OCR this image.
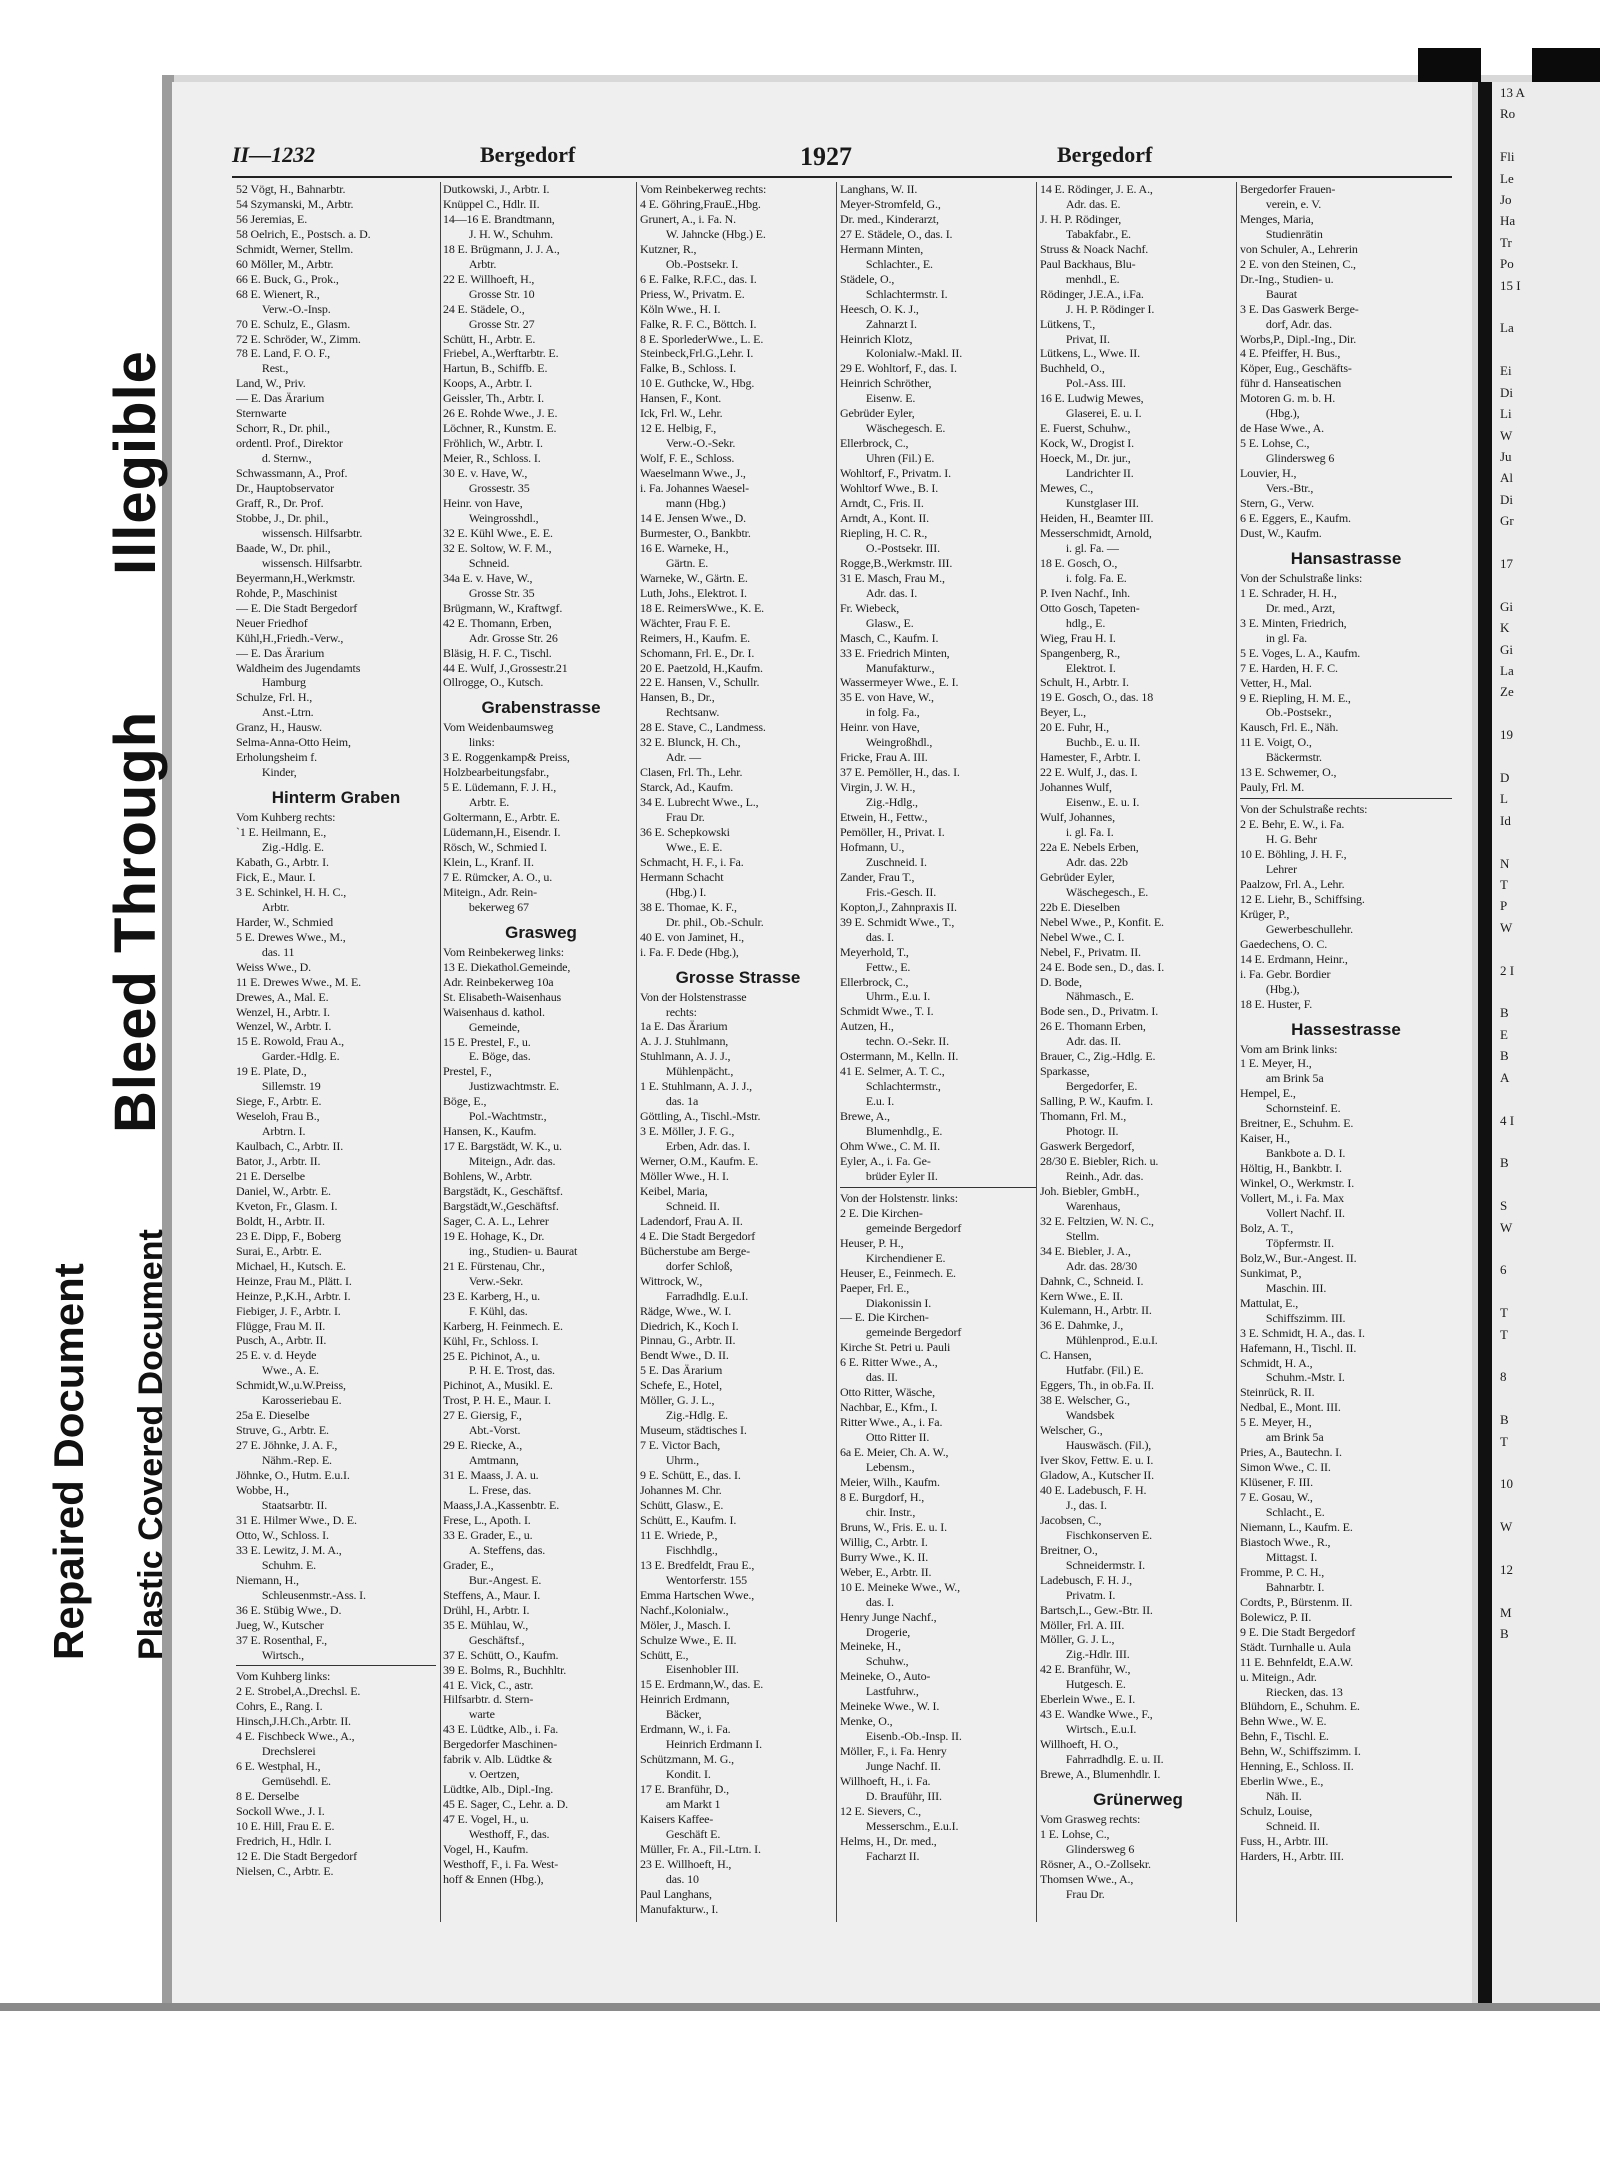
13 A
Ro

Fli
Le
Jo
Ha
Tr
Po
15 I

La

Ei
Di
Li
W
Ju
Al
Di
Gr

17

Gi
K
Gi
La
Ze

19

D
L
Id

N
T
P
W

2 I

B
E
B
A

4 I

B

S
W

6

T
T

8

B
T

10

W

12

M
B

Bleed Through
Illegible
Repaired Document Plastic Covered Document
II—1232	Bergedorf	1927	Bergedorf
52 Vögt, H., Bahnarbtr.
54 Szymanski, M., Arbtr.
56 Jeremias, E.
58 Oelrich, E., Postsch. a. D.
Schmidt, Werner, Stellm.
60 Möller, M., Arbtr.
66 E. Buck, G., Prok.,
68 E. Wienert, R.,
 Verw.-O.-Insp.
70 E. Schulz, E., Glasm.
72 E. Schröder, W., Zimm.
78 E. Land, F. O. F.,
 Rest.,
Land, W., Priv.
— E. Das Ärarium
Sternwarte
Schorr, R., Dr. phil.,
ordentl. Prof., Direktor
 d. Sternw.,
Schwassmann, A., Prof.
Dr., Hauptobservator
Graff, R., Dr. Prof.
Stobbe, J., Dr. phil.,
 wissensch. Hilfsarbtr.
Baade, W., Dr. phil.,
 wissensch. Hilfsarbtr.
Beyermann,H.,Werkmstr.
Rohde, P., Maschinist
— E. Die Stadt Bergedorf
Neuer Friedhof
Kühl,H.,Friedh.-Verw.,
— E. Das Ärarium
Waldheim des Jugendamts
 Hamburg
Schulze, Frl. H.,
 Anst.-Ltrn.
Granz, H., Hausw.
Selma-Anna-Otto Heim,
Erholungsheim f.
 Kinder,
Hinterm Graben
Vom Kuhberg rechts:
`1 E. Heilmann, E.,
 Zig.-Hdlg. E.
Kabath, G., Arbtr. I.
Fick, E., Maur. I.
3 E. Schinkel, H. H. C.,
 Arbtr.
Harder, W., Schmied
5 E. Drewes Wwe., M.,
 das. 11
Weiss Wwe., D.
11 E. Drewes Wwe., M. E.
Drewes, A., Mal. E.
Wenzel, H., Arbtr. I.
Wenzel, W., Arbtr. I.
15 E. Rowold, Frau A.,
 Garder.-Hdlg. E.
19 E. Plate, D.,
 Sillemstr. 19
Siege, F., Arbtr. E.
Weseloh, Frau B.,
 Arbtrn. I.
Kaulbach, C., Arbtr. II.
Bator, J., Arbtr. II.
21 E. Derselbe
Daniel, W., Arbtr. E.
Kveton, Fr., Glasm. I.
Boldt, H., Arbtr. II.
23 E. Dipp, F., Boberg
Surai, E., Arbtr. E.
Michael, H., Kutsch. E.
Heinze, Frau M., Plätt. I.
Heinze, P.,K.H., Arbtr. I.
Fiebiger, J. F., Arbtr. I.
Flügge, Frau M. II.
Pusch, A., Arbtr. II.
25 E. v. d. Heyde
 Wwe., A. E.
Schmidt,W.,u.W.Preiss,
 Karosseriebau E.
25a E. Dieselbe
Struve, G., Arbtr. E.
27 E. Jöhnke, J. A. F.,
 Nähm.-Rep. E.
Jöhnke, O., Hutm. E.u.I.
Wobbe, H.,
 Staatsarbtr. II.
31 E. Hilmer Wwe., D. E.
Otto, W., Schloss. I.
33 E. Lewitz, J. M. A.,
 Schuhm. E.
Niemann, H.,
 Schleusenmstr.-Ass. I.
36 E. Stübig Wwe., D.
Jueg, W., Kutscher
37 E. Rosenthal, F.,
 Wirtsch.,
Vom Kuhberg links:
2 E. Strobel,A.,Drechsl. E.
Cohrs, E., Rang. I.
Hinsch,J.H.Ch.,Arbtr. II.
4 E. Fischbeck Wwe., A.,
 Drechslerei
6 E. Westphal, H.,
 Gemüsehdl. E.
8 E. Derselbe
Sockoll Wwe., J. I.
10 E. Hill, Frau E. E.
Fredrich, H., Hdlr. I.
12 E. Die Stadt Bergedorf
Nielsen, C., Arbtr. E.
Dutkowski, J., Arbtr. I.
Knüppel C., Hdlr. II.
14—16 E. Brandtmann,
 J. H. W., Schuhm.
18 E. Brügmann, J. J. A.,
 Arbtr.
22 E. Willhoeft, H.,
 Grosse Str. 10
24 E. Städele, O.,
 Grosse Str. 27
Schütt, H., Arbtr. E.
Friebel, A.,Werftarbtr. E.
Hartun, B., Schiffb. E.
Koops, A., Arbtr. I.
Geissler, Th., Arbtr. I.
26 E. Rohde Wwe., J. E.
Löchner, R., Kunstm. E.
Fröhlich, W., Arbtr. I.
Meier, R., Schloss. I.
30 E. v. Have, W.,
 Grossestr. 35
Heinr. von Have,
 Weingrosshdl.,
32 E. Kühl Wwe., E. E.
32 E. Soltow, W. F. M.,
 Schneid.
34a E. v. Have, W.,
 Grosse Str. 35
Brügmann, W., Kraftwgf.
42 E. Thomann, Erben,
 Adr. Grosse Str. 26
Bläsig, H. F. C., Tischl.
44 E. Wulf, J.,Grossestr.21
Ollrogge, O., Kutsch.
Grabenstrasse
Vom Weidenbaumsweg
 links:
3 E. Roggenkamp& Preiss,
Holzbearbeitungsfabr.,
5 E. Lüdemann, F. J. H.,
 Arbtr. E.
Goltermann, E., Arbtr. E.
Lüdemann,H., Eisendr. I.
Rösch, W., Schmied I.
Klein, L., Kranf. II.
7 E. Rümcker, A. O., u.
Miteign., Adr. Rein-
 bekerweg 67
Grasweg
Vom Reinbekerweg links:
13 E. Diekathol.Gemeinde,
Adr. Reinbekerweg 10a
St. Elisabeth-Waisenhaus
Waisenhaus d. kathol.
 Gemeinde,
15 E. Prestel, F., u.
 E. Böge, das.
Prestel, F.,
 Justizwachtmstr. E.
Böge, E.,
 Pol.-Wachtmstr.,
Hansen, K., Kaufm.
17 E. Bargstädt, W. K., u.
 Miteign., Adr. das.
Bohlens, W., Arbtr.
Bargstädt, K., Geschäftsf.
Bargstädt,W.,Geschäftsf.
Sager, C. A. L., Lehrer
19 E. Hohage, K., Dr.
 ing., Studien- u. Baurat
21 E. Fürstenau, Chr.,
 Verw.-Sekr.
23 E. Karberg, H., u.
 F. Kühl, das.
Karberg, H. Feinmech. E.
Kühl, Fr., Schloss. I.
25 E. Pichinot, A., u.
 P. H. E. Trost, das.
Pichinot, A., Musikl. E.
Trost, P. H. E., Maur. I.
27 E. Giersig, F.,
 Abt.-Vorst.
29 E. Riecke, A.,
 Amtmann,
31 E. Maass, J. A. u.
 L. Frese, das.
Maass,J.A.,Kassenbtr. E.
Frese, L., Apoth. I.
33 E. Grader, E., u.
 A. Steffens, das.
Grader, E.,
 Bur.-Angest. E.
Steffens, A., Maur. I.
Drühl, H., Arbtr. I.
35 E. Mühlau, W.,
 Geschäftsf.,
37 E. Schütt, O., Kaufm.
39 E. Bolms, R., Buchhltr.
41 E. Vick, C., astr.
Hilfsarbtr. d. Stern-
 warte
43 E. Lüdtke, Alb., i. Fa.
Bergedorfer Maschinen-
fabrik v. Alb. Lüdtke &
 v. Oertzen,
Lüdtke, Alb., Dipl.-Ing.
45 E. Sager, C., Lehr. a. D.
47 E. Vogel, H., u.
 Westhoff, F., das.
Vogel, H., Kaufm.
Westhoff, F., i. Fa. West-
hoff & Ennen (Hbg.),
Vom Reinbekerweg rechts:
4 E. Göhring,FrauE.,Hbg.
Grunert, A., i. Fa. N.
 W. Jahncke (Hbg.) E.
Kutzner, R.,
 Ob.-Postsekr. I.
6 E. Falke, R.F.C., das. I.
Priess, W., Privatm. E.
Köln Wwe., H. I.
Falke, R. F. C., Böttch. I.
8 E. SporlederWwe., L. E.
Steinbeck,Frl.G.,Lehr. I.
Falke, B., Schloss. I.
10 E. Guthcke, W., Hbg.
Hansen, F., Kont.
Ick, Frl. W., Lehr.
12 E. Helbig, F.,
 Verw.-O.-Sekr.
Wolf, F. E., Schloss.
Waeselmann Wwe., J.,
i. Fa. Johannes Waesel-
 mann (Hbg.)
14 E. Jensen Wwe., D.
Burmester, O., Bankbtr.
16 E. Warneke, H.,
 Gärtn. E.
Warneke, W., Gärtn. E.
Luth, Johs., Elektrot. I.
18 E. ReimersWwe., K. E.
Wächter, Frau F. E.
Reimers, H., Kaufm. E.
Schomann, Frl. E., Dr. I.
20 E. Paetzold, H.,Kaufm.
22 E. Hansen, V., Schullr.
Hansen, B., Dr.,
 Rechtsanw.
28 E. Stave, C., Landmess.
32 E. Blunck, H. Ch.,
 Adr. —
Clasen, Frl. Th., Lehr.
Starck, Ad., Kaufm.
34 E. Lubrecht Wwe., L.,
 Frau Dr.
36 E. Schepkowski
 Wwe., E. E.
Schmacht, H. F., i. Fa.
Hermann Schacht
 (Hbg.) I.
38 E. Thomae, K. F.,
 Dr. phil., Ob.-Schulr.
40 E. von Jaminet, H.,
i. Fa. F. Dede (Hbg.),
Grosse Strasse
Von der Holstenstrasse
 rechts:
1a E. Das Ärarium
A. J. J. Stuhlmann,
Stuhlmann, A. J. J.,
 Mühlenpächt.,
1 E. Stuhlmann, A. J. J.,
 das. 1a
Göttling, A., Tischl.-Mstr.
3 E. Möller, J. F. G.,
 Erben, Adr. das. I.
Werner, O.M., Kaufm. E.
Möller Wwe., H. I.
Keibel, Maria,
 Schneid. II.
Ladendorf, Frau A. II.
4 E. Die Stadt Bergedorf
Bücherstube am Berge-
 dorfer Schloß,
Wittrock, W.,
 Farradhdlg. E.u.I.
Rädge, Wwe., W. I.
Diedrich, K., Koch I.
Pinnau, G., Arbtr. II.
Bendt Wwe., D. II.
5 E. Das Ärarium
Schefe, E., Hotel,
Möller, G. J. L.,
 Zig.-Hdlg. E.
Museum, städtisches I.
7 E. Victor Bach,
 Uhrm.,
9 E. Schütt, E., das. I.
Johannes M. Chr.
Schütt, Glasw., E.
Schütt, E., Kaufm. I.
11 E. Wriede, P.,
 Fischhdlg.,
13 E. Bredfeldt, Frau E.,
 Wentorferstr. 155
Emma Hartschen Wwe.,
Nachf.,Kolonialw.,
Möler, J., Masch. I.
Schulze Wwe., E. II.
Schütt, E.,
 Eisenhobler III.
15 E. Erdmann,W., das. E.
Heinrich Erdmann,
 Bäcker,
Erdmann, W., i. Fa.
 Heinrich Erdmann I.
Schützmann, M. G.,
 Kondit. I.
17 E. Branführ, D.,
 am Markt 1
Kaisers Kaffee-
 Geschäft E.
Müller, Fr. A., Fil.-Ltrn. I.
23 E. Willhoeft, H.,
 das. 10
Paul Langhans,
Manufakturw., I.
Langhans, W. II.
Meyer-Stromfeld, G.,
Dr. med., Kinderarzt,
27 E. Städele, O., das. I.
Hermann Minten,
 Schlachter., E.
Städele, O.,
 Schlachtermstr. I.
Heesch, O. K. J.,
 Zahnarzt I.
Heinrich Klotz,
 Kolonialw.-Makl. II.
29 E. Wohltorf, F., das. I.
Heinrich Schröther,
 Eisenw. E.
Gebrüder Eyler,
 Wäschegesch. E.
Ellerbrock, C.,
 Uhren (Fil.) E.
Wohltorf, F., Privatm. I.
Wohltorf Wwe., B. I.
Arndt, C., Fris. II.
Arndt, A., Kont. II.
Riepling, H. C. R.,
 O.-Postsekr. III.
Rogge,B.,Werkmstr. III.
31 E. Masch, Frau M.,
 Adr. das. I.
Fr. Wiebeck,
 Glasw., E.
Masch, C., Kaufm. I.
33 E. Friedrich Minten,
 Manufakturw.,
Wassermeyer Wwe., E. I.
35 E. von Have, W.,
 in folg. Fa.,
Heinr. von Have,
 Weingroßhdl.,
Fricke, Frau A. III.
37 E. Pemöller, H., das. I.
Virgin, J. W. H.,
 Zig.-Hdlg.,
Etwein, H., Fettw.,
Pemöller, H., Privat. I.
Hofmann, U.,
 Zuschneid. I.
Zander, Frau T.,
 Fris.-Gesch. II.
Kopton,J., Zahnpraxis II.
39 E. Schmidt Wwe., T.,
 das. I.
Meyerhold, T.,
 Fettw., E.
Ellerbrock, C.,
 Uhrm., E.u. I.
Schmidt Wwe., T. I.
Autzen, H.,
 techn. O.-Sekr. II.
Ostermann, M., Kelln. II.
41 E. Selmer, A. T. C.,
 Schlachtermstr.,
 E.u. I.
Brewe, A.,
 Blumenhdlg., E.
Ohm Wwe., C. M. II.
Eyler, A., i. Fa. Ge-
 brüder Eyler II.
Von der Holstenstr. links:
2 E. Die Kirchen-
 gemeinde Bergedorf
Heuser, P. H.,
 Kirchendiener E.
Heuser, E., Feinmech. E.
Paeper, Frl. E.,
 Diakonissin I.
— E. Die Kirchen-
 gemeinde Bergedorf
Kirche St. Petri u. Pauli
6 E. Ritter Wwe., A.,
 das. II.
Otto Ritter, Wäsche,
Nachbar, E., Kfm., I.
Ritter Wwe., A., i. Fa.
 Otto Ritter II.
6a E. Meier, Ch. A. W.,
 Lebensm.,
Meier, Wilh., Kaufm.
8 E. Burgdorf, H.,
 chir. Instr.,
Bruns, W., Fris. E. u. I.
Willig, C., Arbtr. I.
Burry Wwe., K. II.
Weber, E., Arbtr. II.
10 E. Meineke Wwe., W.,
 das. I.
Henry Junge Nachf.,
 Drogerie,
Meineke, H.,
 Schuhw.,
Meineke, O., Auto-
 Lastfuhrw.,
Meineke Wwe., W. I.
Menke, O.,
 Eisenb.-Ob.-Insp. II.
Möller, F., i. Fa. Henry
 Junge Nachf. II.
Willhoeft, H., i. Fa.
 D. Brauführ, III.
12 E. Sievers, C.,
 Messerschm., E.u.I.
Helms, H., Dr. med.,
 Facharzt II.
14 E. Rödinger, J. E. A.,
 Adr. das. E.
J. H. P. Rödinger,
 Tabakfabr., E.
Struss & Noack Nachf.
Paul Backhaus, Blu-
 menhdl., E.
Rödinger, J.E.A., i.Fa.
 J. H. P. Rödinger I.
Lütkens, T.,
 Privat, II.
Lütkens, L., Wwe. II.
Buchheld, O.,
 Pol.-Ass. III.
16 E. Ludwig Mewes,
 Glaserei, E. u. I.
E. Fuerst, Schuhw.,
Kock, W., Drogist I.
Hoeck, M., Dr. jur.,
 Landrichter II.
Mewes, C.,
 Kunstglaser III.
Heiden, H., Beamter III.
Messerschmidt, Arnold,
 i. gl. Fa. —
18 E. Gosch, O.,
 i. folg. Fa. E.
P. Iven Nachf., Inh.
Otto Gosch, Tapeten-
 hdlg., E.
Wieg, Frau H. I.
Spangenberg, R.,
 Elektrot. I.
Schult, H., Arbtr. I.
19 E. Gosch, O., das. 18
Beyer, L.,
20 E. Fuhr, H.,
 Buchb., E. u. II.
Hamester, F., Arbtr. I.
22 E. Wulf, J., das. I.
Johannes Wulf,
 Eisenw., E. u. I.
Wulf, Johannes,
 i. gl. Fa. I.
22a E. Nebels Erben,
 Adr. das. 22b
Gebrüder Eyler,
 Wäschegesch., E.
22b E. Dieselben
Nebel Wwe., P., Konfit. E.
Nebel Wwe., C. I.
Nebel, F., Privatm. II.
24 E. Bode sen., D., das. I.
D. Bode,
 Nähmasch., E.
Bode sen., D., Privatm. I.
26 E. Thomann Erben,
 Adr. das. II.
Brauer, C., Zig.-Hdlg. E.
Sparkasse,
 Bergedorfer, E.
Salling, P. W., Kaufm. I.
Thomann, Frl. M.,
 Photogr. II.
Gaswerk Bergedorf,
28/30 E. Biebler, Rich. u.
 Reinh., Adr. das.
Joh. Biebler, GmbH.,
 Warenhaus,
32 E. Feltzien, W. N. C.,
 Stellm.
34 E. Biebler, J. A.,
 Adr. das. 28/30
Dahnk, C., Schneid. I.
Kern Wwe., E. II.
Kulemann, H., Arbtr. II.
36 E. Dahmke, J.,
 Mühlenprod., E.u.I.
C. Hansen,
 Hutfabr. (Fil.) E.
Eggers, Th., in ob.Fa. II.
38 E. Welscher, G.,
 Wandsbek
Welscher, G.,
 Hauswäsch. (Fil.),
Iver Skov, Fettw. E. u. I.
Gladow, A., Kutscher II.
40 E. Ladebusch, F. H.
 J., das. I.
Jacobsen, C.,
 Fischkonserven E.
Breitner, O.,
 Schneidermstr. I.
Ladebusch, F. H. J.,
 Privatm. I.
Bartsch,L., Gew.-Btr. II.
Möller, Frl. A. III.
Möller, G. J. L.,
 Zig.-Hdlr. III.
42 E. Branführ, W.,
 Hutgesch. E.
Eberlein Wwe., E. I.
43 E. Wandke Wwe., F.,
 Wirtsch., E.u.I.
Willhoeft, H. O.,
 Fahrradhdlg. E. u. II.
Brewe, A., Blumenhdlr. I.
Grünerweg
Vom Grasweg rechts:
1 E. Lohse, C.,
 Glindersweg 6
Rösner, A., O.-Zollsekr.
Thomsen Wwe., A.,
 Frau Dr.
Bergedorfer Frauen-
 verein, e. V.
Menges, Maria,
 Studienrätin
von Schuler, A., Lehrerin
2 E. von den Steinen, C.,
Dr.-Ing., Studien- u.
 Baurat
3 E. Das Gaswerk Berge-
 dorf, Adr. das.
Worbs,P., Dipl.-Ing., Dir.
4 E. Pfeiffer, H. Bus.,
Köper, Eug., Geschäfts-
führ d. Hanseatischen
Motoren G. m. b. H.
 (Hbg.),
de Hase Wwe., A.
5 E. Lohse, C.,
 Glindersweg 6
Louvier, H.,
 Vers.-Btr.,
Stern, G., Verw.
6 E. Eggers, E., Kaufm.
Dust, W., Kaufm.
Hansastrasse
Von der Schulstraße links:
1 E. Schrader, H. H.,
 Dr. med., Arzt,
3 E. Minten, Friedrich,
 in gl. Fa.
5 E. Voges, L. A., Kaufm.
7 E. Harden, H. F. C.
Vetter, H., Mal.
9 E. Riepling, H. M. E.,
 Ob.-Postsekr.,
Kausch, Frl. E., Näh.
11 E. Voigt, O.,
 Bäckermstr.
13 E. Schwemer, O.,
Pauly, Frl. M.
Von der Schulstraße rechts:
2 E. Behr, E. W., i. Fa.
 H. G. Behr
10 E. Böhling, J. H. F.,
 Lehrer
Paalzow, Frl. A., Lehr.
12 E. Liehr, B., Schiffsing.
Krüger, P.,
 Gewerbeschullehr.
Gaedechens, O. C.
14 E. Erdmann, Heinr.,
i. Fa. Gebr. Bordier
 (Hbg.),
18 E. Huster, F.
Hassestrasse
Vom am Brink links:
1 E. Meyer, H.,
 am Brink 5a
Hempel, E.,
 Schornsteinf. E.
Breitner, E., Schuhm. E.
Kaiser, H.,
 Bankbote a. D. I.
Höltig, H., Bankbtr. I.
Winkel, O., Werkmstr. I.
Vollert, M., i. Fa. Max
 Vollert Nachf. II.
Bolz, A. T.,
 Töpfermstr. II.
Bolz,W., Bur.-Angest. II.
Sunkimat, P.,
 Maschin. III.
Mattulat, E.,
 Schiffszimm. III.
3 E. Schmidt, H. A., das. I.
Hafemann, H., Tischl. II.
Schmidt, H. A.,
 Schuhm.-Mstr. I.
Steinrück, R. II.
Nedbal, E., Mont. III.
5 E. Meyer, H.,
 am Brink 5a
Pries, A., Bautechn. I.
Simon Wwe., C. II.
Klüsener, F. III.
7 E. Gosau, W.,
 Schlacht., E.
Niemann, L., Kaufm. E.
Biastoch Wwe., R.,
 Mittagst. I.
Fromme, P. C. H.,
 Bahnarbtr. I.
Cordts, P., Bürstenm. II.
Bolewicz, P. II.
9 E. Die Stadt Bergedorf
Städt. Turnhalle u. Aula
11 E. Behnfeldt, E.A.W.
u. Miteign., Adr.
 Riecken, das. 13
Blühdorn, E., Schuhm. E.
Behn Wwe., W. E.
Behn, F., Tischl. E.
Behn, W., Schiffszimm. I.
Henning, E., Schloss. II.
Eberlin Wwe., E.,
 Näh. II.
Schulz, Louise,
 Schneid. II.
Fuss, H., Arbtr. III.
Harders, H., Arbtr. III.
